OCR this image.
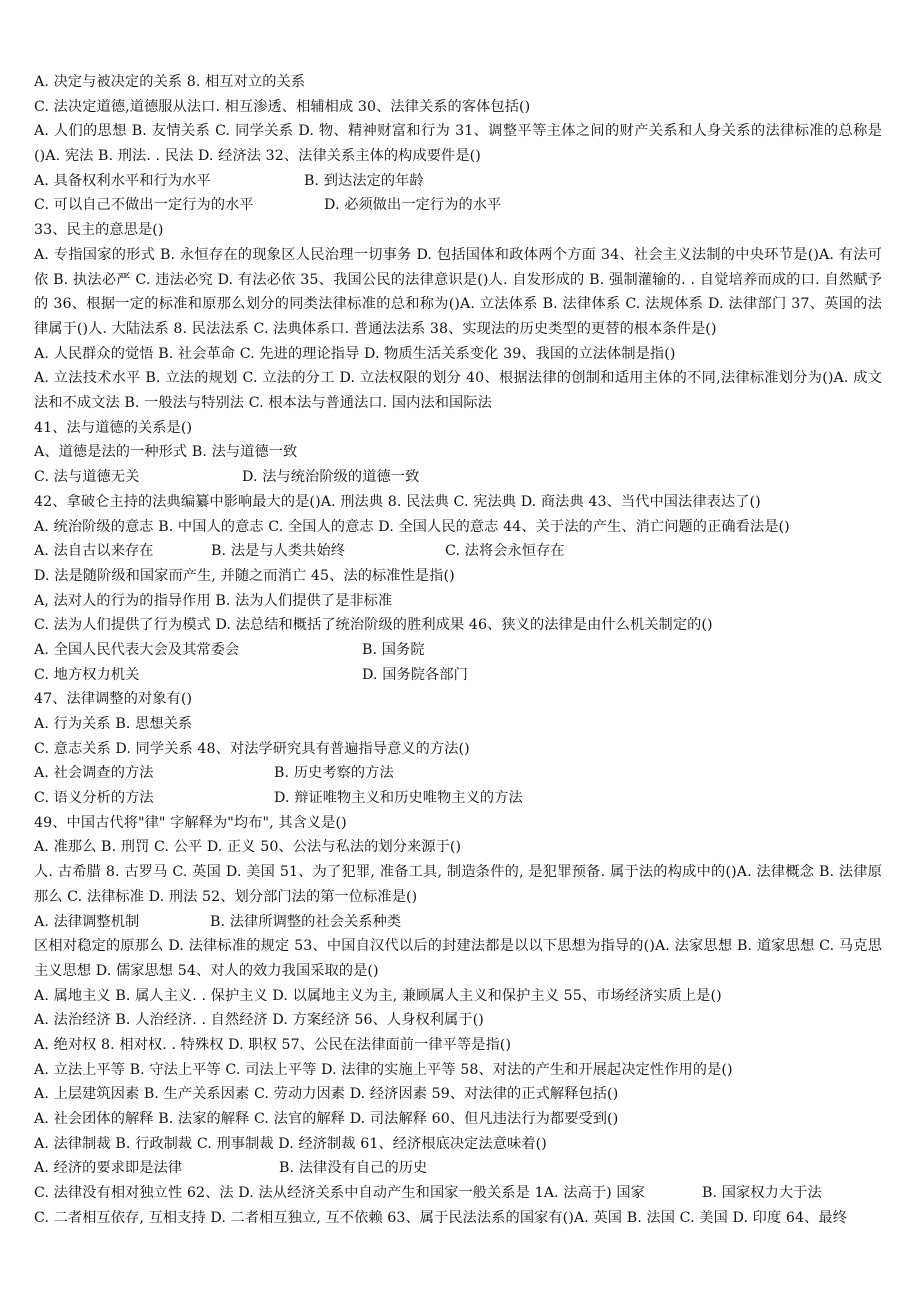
A. 决定与被决定的关系 8. 相互对立的关系
C. 法决定道德,道德服从法口. 相互渗透、相辅相成 30、法律关系的客体包括()
A. 人们的思想 B. 友情关系 C. 同学关系 D. 物、精神财富和行为 31、调整平等主体之间的财产关系和人身关系的法律标准的总称是()A. 宪法 B. 刑法. . 民法 D. 经济法 32、法律关系主体的构成要件是()
A. 具备权利水平和行为水平	B. 到达法定的年龄
C. 可以自己不做出一定行为的水平	D. 必须做出一定行为的水平
33、民主的意思是()
A. 专指国家的形式 B. 永恒存在的现象区人民治理一切事务 D. 包括国体和政体两个方面 34、社会主义法制的中央环节是()A. 有法可依 B. 执法必严 C. 违法必究 D. 有法必依 35、我国公民的法律意识是()人. 自发形成的 B. 强制灌输的. . 自觉培养而成的口. 自然赋予的 36、根据一定的标准和原那么划分的同类法律标准的总和称为()A. 立法体系 B. 法律体系 C. 法规体系 D. 法律部门 37、英国的法律属于()人. 大陆法系 8. 民法法系 C. 法典体系口. 普通法法系 38、实现法的历史类型的更替的根本条件是()
A. 人民群众的觉悟 B. 社会革命 C. 先进的理论指导 D. 物质生活关系变化 39、我国的立法体制是指()
A. 立法技术水平 B. 立法的规划 C. 立法的分工 D. 立法权限的划分 40、根据法律的创制和适用主体的不同,法律标准划分为()A. 成文法和不成文法 B. 一般法与特别法 C. 根本法与普通法口. 国内法和国际法
41、法与道德的关系是()
A、道德是法的一种形式 B. 法与道德一致
C. 法与道德无关	D. 法与统治阶级的道德一致
42、拿破仑主持的法典编纂中影响最大的是()A. 刑法典 8. 民法典 C. 宪法典 D. 商法典 43、当代中国法律表达了()
A. 统治阶级的意志 B. 中国人的意志 C. 全国人的意志 D. 全国人民的意志 44、关于法的产生、消亡问题的正确看法是()
A. 法自古以来存在	B. 法是与人类共始终	C. 法将会永恒存在
D. 法是随阶级和国家而产生, 并随之而消亡 45、法的标准性是指()
A, 法对人的行为的指导作用 B. 法为人们提供了是非标准
C. 法为人们提供了行为模式 D. 法总结和概括了统治阶级的胜利成果 46、狭义的法律是由什么机关制定的()
A. 全国人民代表大会及其常委会	B. 国务院
C. 地方权力机关	D. 国务院各部门
47、法律调整的对象有()
A. 行为关系 B. 思想关系
C. 意志关系 D. 同学关系 48、对法学研究具有普遍指导意义的方法()
A. 社会调查的方法	B. 历史考察的方法
C. 语义分析的方法	D. 辩证唯物主义和历史唯物主义的方法
49、中国古代将"律" 字解释为"均布", 其含义是()
A. 准那么 B. 刑罚 C. 公平 D. 正义 50、公法与私法的划分来源于()
人. 古希腊 8. 古罗马 C. 英国 D. 美国 51、为了犯罪, 准备工具, 制造条件的, 是犯罪预备. 属于法的构成中的()A. 法律概念 B. 法律原那么 C. 法律标准 D. 刑法 52、划分部门法的第一位标准是()
A. 法律调整机制	B. 法律所调整的社会关系种类
区相对稳定的原那么 D. 法律标准的规定 53、中国自汉代以后的封建法都是以以下思想为指导的()A. 法家思想 B. 道家思想 C. 马克思主义思想 D. 儒家思想 54、对人的效力我国采取的是()
A. 属地主义 B. 属人主义. . 保护主义 D. 以属地主义为主, 兼顾属人主义和保护主义 55、市场经济实质上是()
A. 法治经济 B. 人治经济. . 自然经济 D. 方案经济 56、人身权利属于()
A. 绝对权 8. 相对权. . 特殊权 D. 职权 57、公民在法律面前一律平等是指()
A. 立法上平等 B. 守法上平等 C. 司法上平等 D. 法律的实施上平等 58、对法的产生和开展起决定性作用的是()
A. 上层建筑因素 B. 生产关系因素 C. 劳动力因素 D. 经济因素 59、对法律的正式解释包括()
A. 社会团体的解释 B. 法家的解释 C. 法官的解释 D. 司法解释 60、但凡违法行为都要受到()
A. 法律制裁 B. 行政制裁 C. 刑事制裁 D. 经济制裁 61、经济根底决定法意味着()
A. 经济的要求即是法律	B. 法律没有自己的历史
C. 法律没有相对独立性 62、法 D. 法从经济关系中自动产生和国家一般关系是 1A. 法高于) 国家	B. 国家权力大于法
C. 二者相互依存, 互相支持 D. 二者相互独立, 互不依赖 63、属于民法法系的国家有()A. 英国 B. 法国 C. 美国 D. 印度 64、最终
